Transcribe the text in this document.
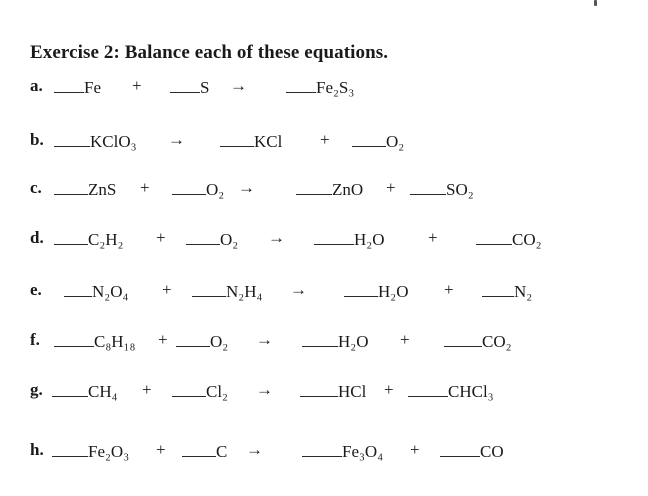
Exercise 2: Balance each of these equations.
a.	Fe +	S →	Fe₂S₃
b.	KClO₃ →	KCl +	O₂
c.	ZnS +	O₂ →	ZnO +	SO₂
d.	C₂H₂ +	O₂ →	H₂O	+	CO₂
e.	N₂O₄ +	N₂H₄ →	H₂O +	N₂
f.	C₈H₁₈ +	O₂ →	H₂O +	CO₂
g.	CH₄ +	Cl₂ →	HCl +	CHCl₃
h.	Fe₂O₃ +	C →	Fe₃O₄ +	CO
